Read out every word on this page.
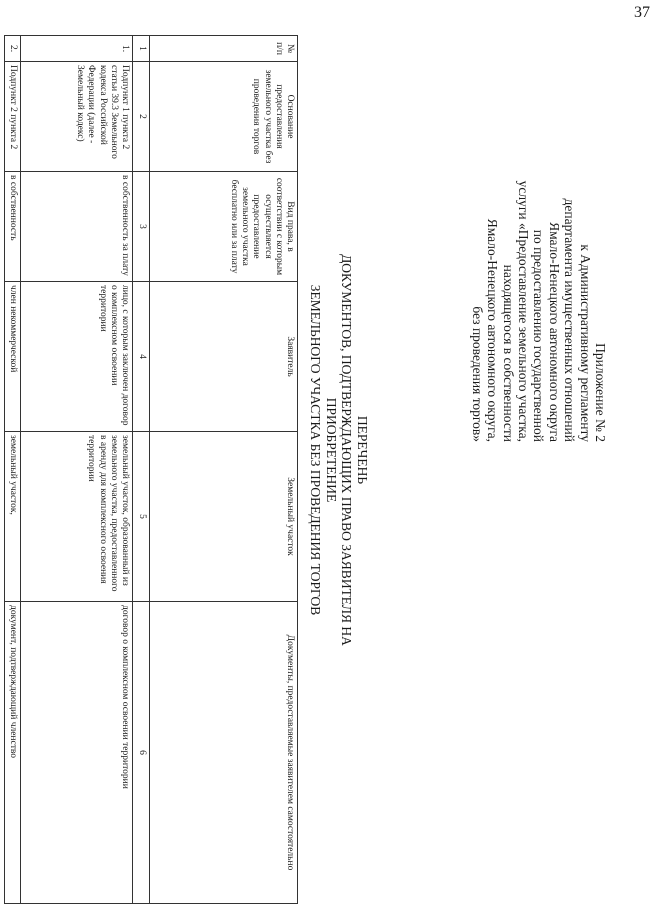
37
Приложение № 2
к Административному регламенту
департамента имущественных отношений
Ямало-Ненецкого автономного округа
по предоставлению государственной
услуги «Предоставление земельного участка,
находящегося в собственности
Ямало-Ненецкого автономного округа,
без проведения торгов»
ПЕРЕЧЕНЬ
ДОКУМЕНТОВ, ПОДТВЕРЖДАЮЩИХ ПРАВО ЗАЯВИТЕЛЯ НА ПРИОБРЕТЕНИЕ
ЗЕМЕЛЬНОГО УЧАСТКА БЕЗ ПРОВЕДЕНИЯ ТОРГОВ
№ п/п	Основание предоставления земельного участка без проведения торгов	Вид права, в соответствии с которым осуществляется предоставление земельного участка бесплатно или за плату	Заявитель	Земельный участок	Документы, предоставляемые заявителем самостоятельно
1	2	3	4	5	6
1.	Подпункт 1 пункта 2 статьи 39.3 Земельного кодекса Российской Федерации (далее - Земельный кодекс)	в собственность за плату	лицо, с которым заключен договор о комплексном освоении территории	земельный участок, образованный из земельного участка, предоставленного в аренду для комплексного освоения территории	договор о комплексном освоении территории
2.	Подпункт 2 пункта 2	в собственность	член некоммерческой	земельный участок,	документ, подтверждающий членство
